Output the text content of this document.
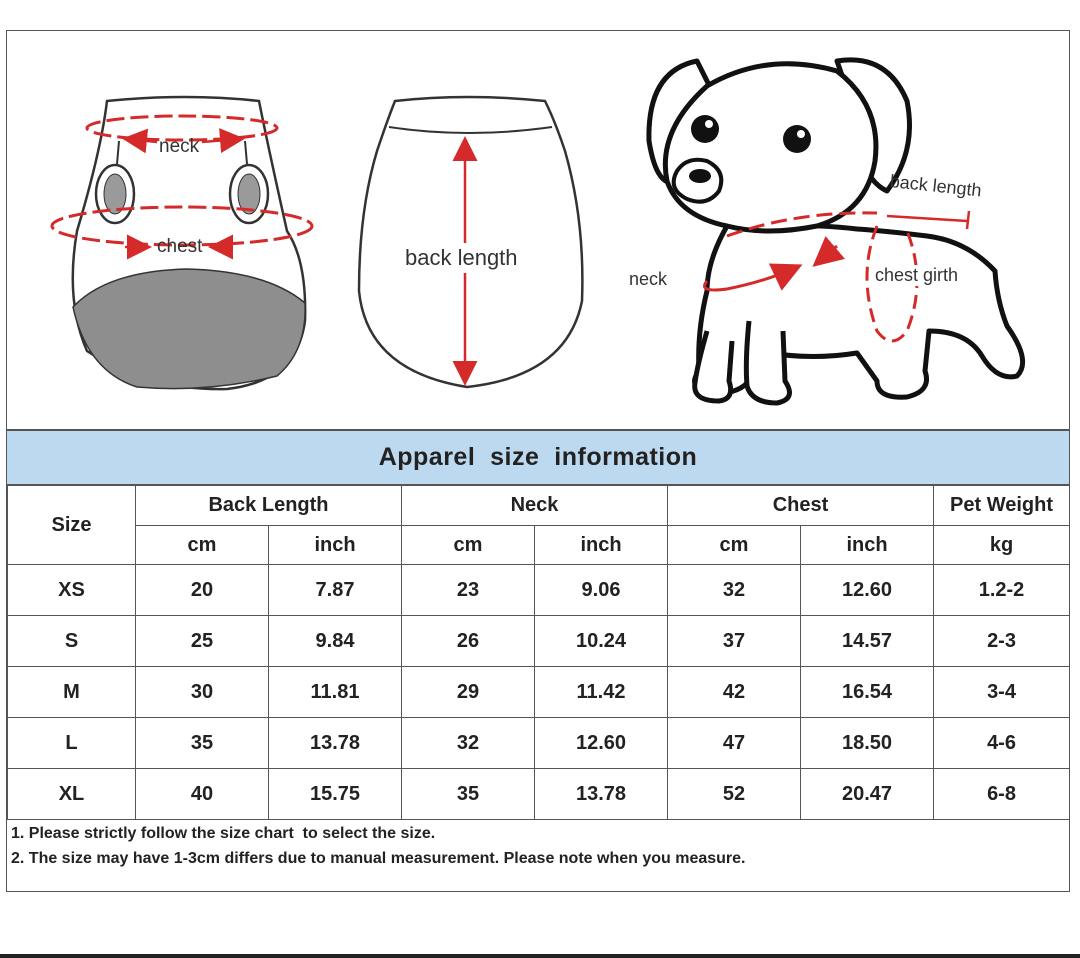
neck
chest	back length
back length
neck	chest girth
Apparel  size  information
Size	Back Length		Neck		Chest		Pet Weight
	cm	inch	cm	inch	cm	inch	kg
XS	20	7.87	23	9.06	32	12.60	1.2-2
S	25	9.84	26	10.24	37	14.57	2-3
M	30	11.81	29	11.42	42	16.54	3-4
L	35	13.78	32	12.60	47	18.50	4-6
XL	40	15.75	35	13.78	52	20.47	6-8
1. Please strictly follow the size chart  to select the size.
2. The size may have 1-3cm differs due to manual measurement. Please note when you measure.
